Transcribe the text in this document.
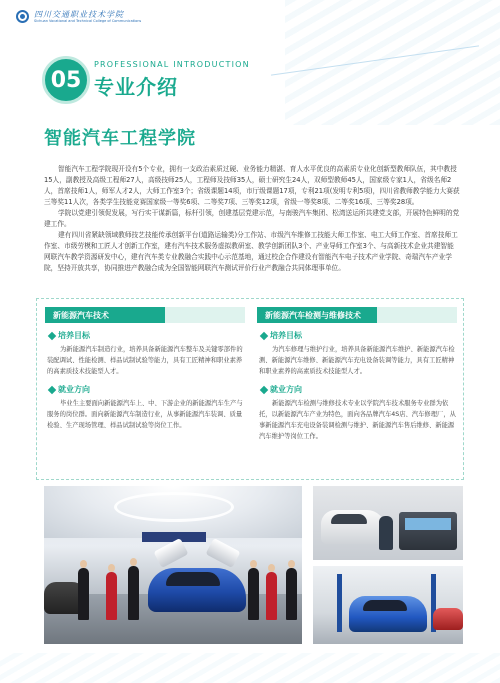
四川交通职业技术学院
Sichuan Vocational and Technical College of Communications
05
PROFESSIONAL INTRODUCTION
专业介绍
智能汽车工程学院

智能汽车工程学院现开设有5个专业，拥有一支政治素质过硬、业务能力精湛、育人水平优良的高素质专业化创新型教师队伍，其中教授15人，副教授及高级工程师27人，高级技师25人，工程师及技师35人，硕士研究生24人，双师型教师45人，国家级专家1人，省级名师2人，首席技师1人，师军人才2人，大师工作室3个；省级课题14项，市厅级课题17项，专利21项(发明专利5项)，四川省教师教学能力大赛获三等奖11人次，各类学生技能竞赛国家级一等奖6项、二等奖7项、三等奖12项，省级一等奖8项、二等奖16项、三等奖28项。

学院以党建引领促发展，写行实干谋新篇，标杆引领，创建基层党建示范，与南骏汽车集团、松湾送运所共建党支部，开展特色鲜明的党建工作。

建有四川省紧缺领域教师技艺技能传承创新平台(道路运输类)分工作站、市级汽车维修工技能大师工作室、电工大师工作室、首席技师工作室、市级劳模和工匠人才创新工作室，建有汽车技术服务虚拟教研室、教学创新团队3个、产业导师工作室3个、与高新技术企业共建智能网联汽车教学资源研发中心，建有汽车类专业教融合实践中心示范基地，通过校企合作建设有智能汽车电子技术产业学院、奇瑞汽车产业学院，坚持开放共享，协同推进产教融合成为全国智能网联汽车测试评价行业产教融合共同体理事单位。

新能源汽车技术
培养目标

为新能源汽车制造行业，培养具备新能源汽车整车及关键零部件的装配调试、性能检测、样品试制试验等能力，具有工匠精神和职业素养的高素质技术技能型人才。

就业方向

毕业生主要面向新能源汽车上、中、下游企业的新能源汽车生产与服务的岗位群。面向新能源汽车制造行业，从事新能源汽车装调、质量检验、生产现场管理、样品试制试验等岗位工作。

新能源汽车检测与维修技术
培养目标

为汽车修理与维护行业，培养具备新能源汽车维护、新能源汽车检测、新能源汽车维修、新能源汽车充电设备装调等能力，具有工匠精神和职业素养的高素质技术技能型人才。

就业方向

新能源汽车检测与维修技术专业以学院汽车技术服务专业群为依托，以新能源汽车产业为特色，面向各品牌汽车4S店、汽车修理厂，从事新能源汽车充电设备装调检测与维护、新能源汽车售后维修、新能源汽车维护等岗位工作。
